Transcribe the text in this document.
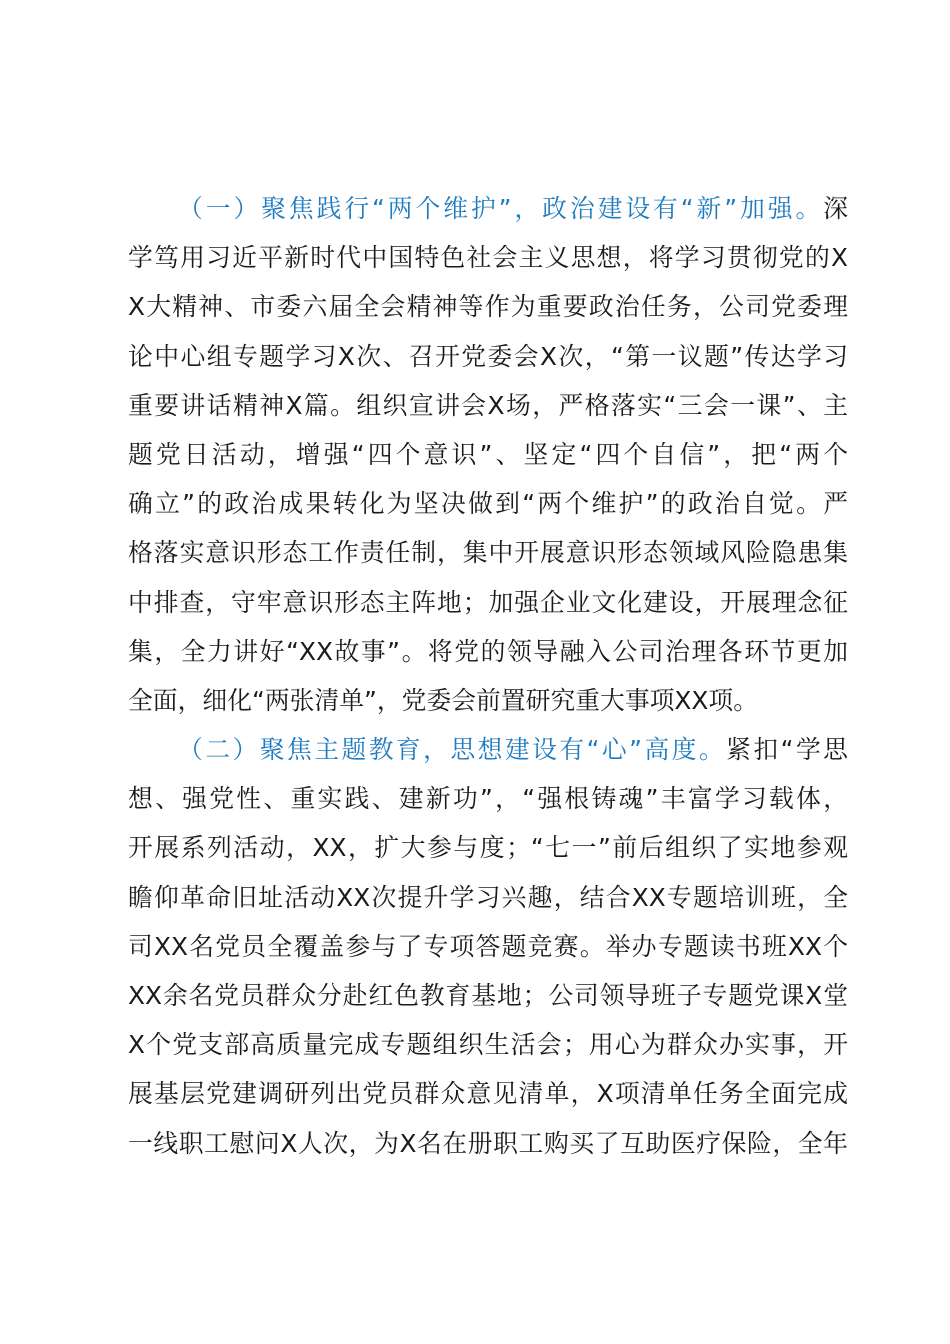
（一）聚焦践行“两个维护”，政治建设有“新”加强。深
学笃用习近平新时代中国特色社会主义思想，将学习贯彻党的X
X大精神、市委六届全会精神等作为重要政治任务，公司党委理
论中心组专题学习X次、召开党委会X次，“第一议题”传达学习
重要讲话精神X篇。组织宣讲会X场，严格落实“三会一课”、主
题党日活动，增强“四个意识”、坚定“四个自信”，把“两个
确立”的政治成果转化为坚决做到“两个维护”的政治自觉。严
格落实意识形态工作责任制，集中开展意识形态领域风险隐患集
中排查，守牢意识形态主阵地；加强企业文化建设，开展理念征
集，全力讲好“XX故事”。将党的领导融入公司治理各环节更加
全面，细化“两张清单”，党委会前置研究重大事项XX项。
（二）聚焦主题教育，思想建设有“心”高度。紧扣“学思
想、强党性、重实践、建新功”，“强根铸魂”丰富学习载体，
开展系列活动，XX，扩大参与度；“七一”前后组织了实地参观
瞻仰革命旧址活动XX次提升学习兴趣，结合XX专题培训班，全
司XX名党员全覆盖参与了专项答题竞赛。举办专题读书班XX个
XX余名党员群众分赴红色教育基地；公司领导班子专题党课X堂
X个党支部高质量完成专题组织生活会；用心为群众办实事，开
展基层党建调研列出党员群众意见清单，X项清单任务全面完成
一线职工慰问X人次，为X名在册职工购买了互助医疗保险，全年
